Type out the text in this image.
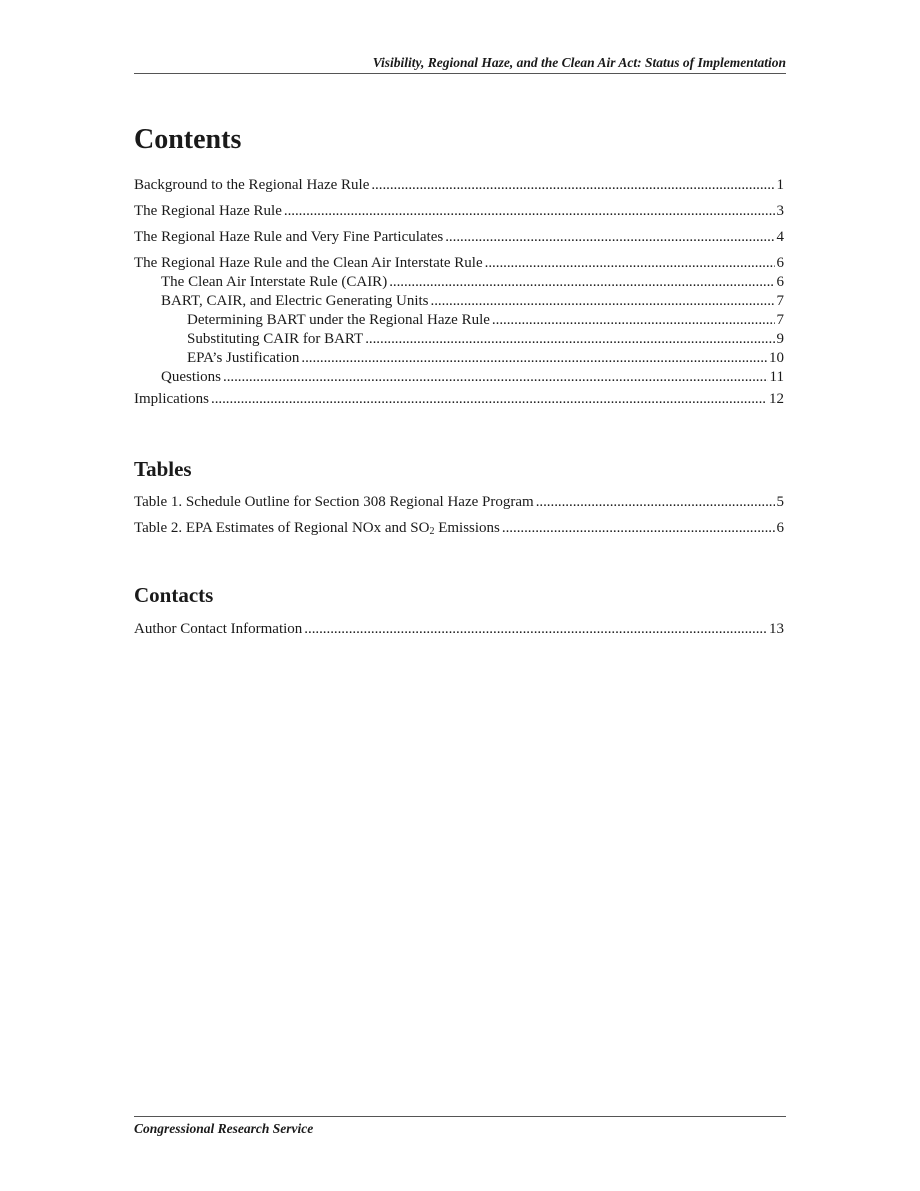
Visibility, Regional Haze, and the Clean Air Act: Status of Implementation
Contents
Background to the Regional Haze Rule . . .	1
The Regional Haze Rule . . .	3
The Regional Haze Rule and Very Fine Particulates . . .	4
The Regional Haze Rule and the Clean Air Interstate Rule . . .	6
The Clean Air Interstate Rule (CAIR) . . .	6
BART, CAIR, and Electric Generating Units . . .	7
Determining BART under the Regional Haze Rule . . .	7
Substituting CAIR for BART . . .	9
EPA’s Justification . . .	10
Questions . . .	11
Implications . . .	12
Tables
Table 1. Schedule Outline for Section 308 Regional Haze Program . . .	5
Table 2. EPA Estimates of Regional NOx and $SO_2$ Emissions . . .	6
Contacts
Author Contact Information . . .	13
Congressional Research Service
